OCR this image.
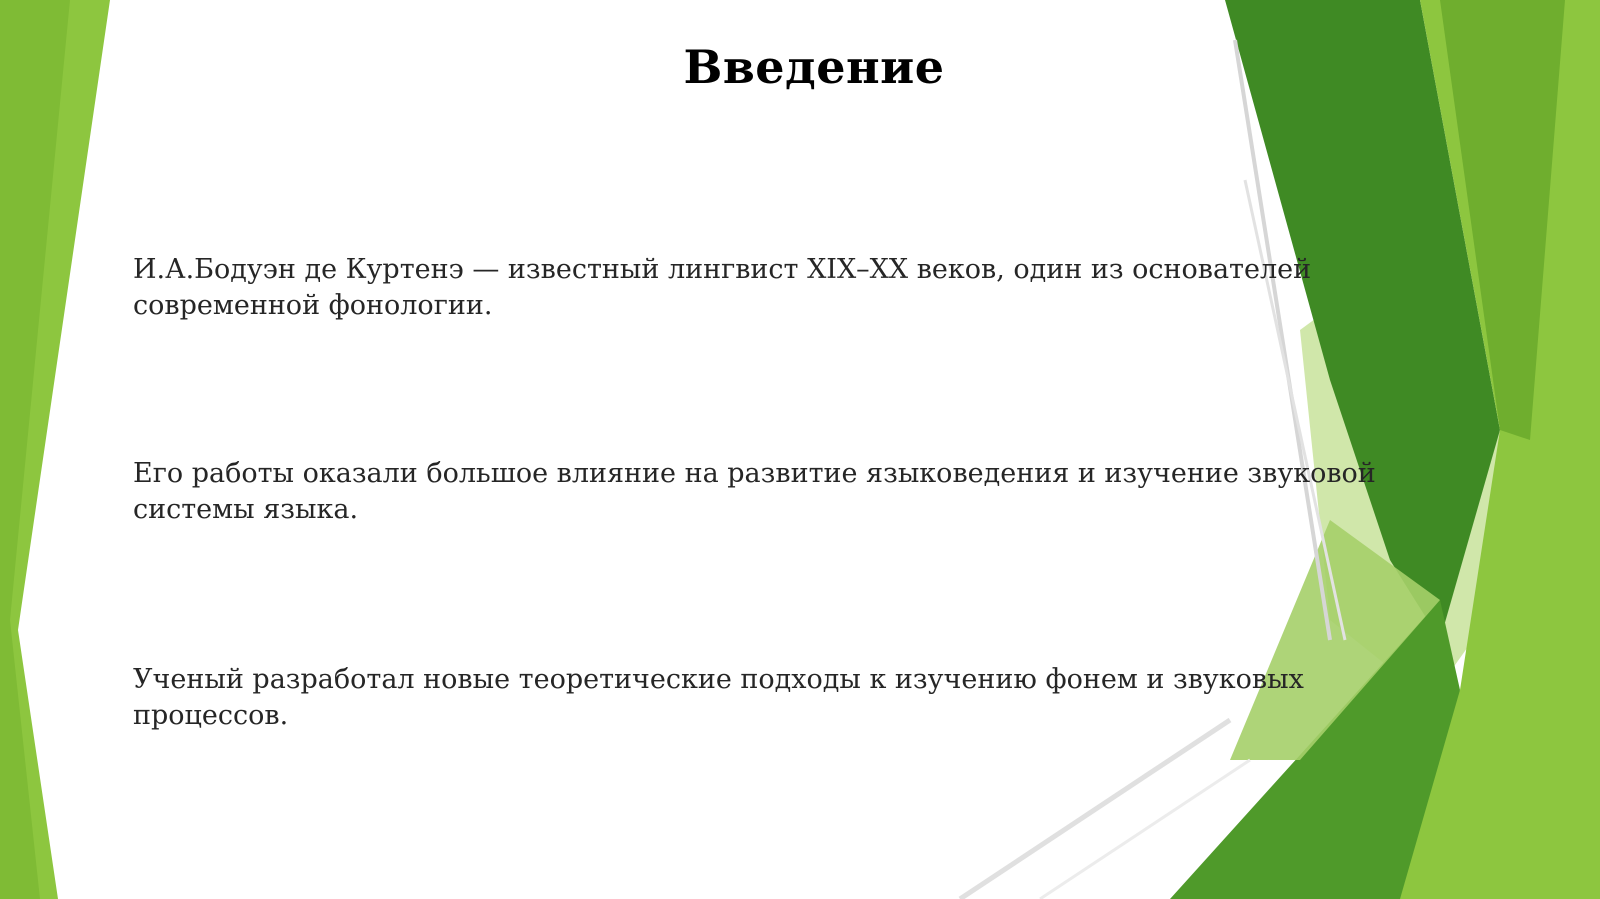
Введение
И.А.Бодуэн де Куртенэ — известный лингвист XIX–XX веков, один из основателей
современной фонологии.
Его работы оказали большое влияние на развитие языковедения и изучение звуковой
системы языка.
Ученый разработал новые теоретические подходы к изучению фонем и звуковых
процессов.
